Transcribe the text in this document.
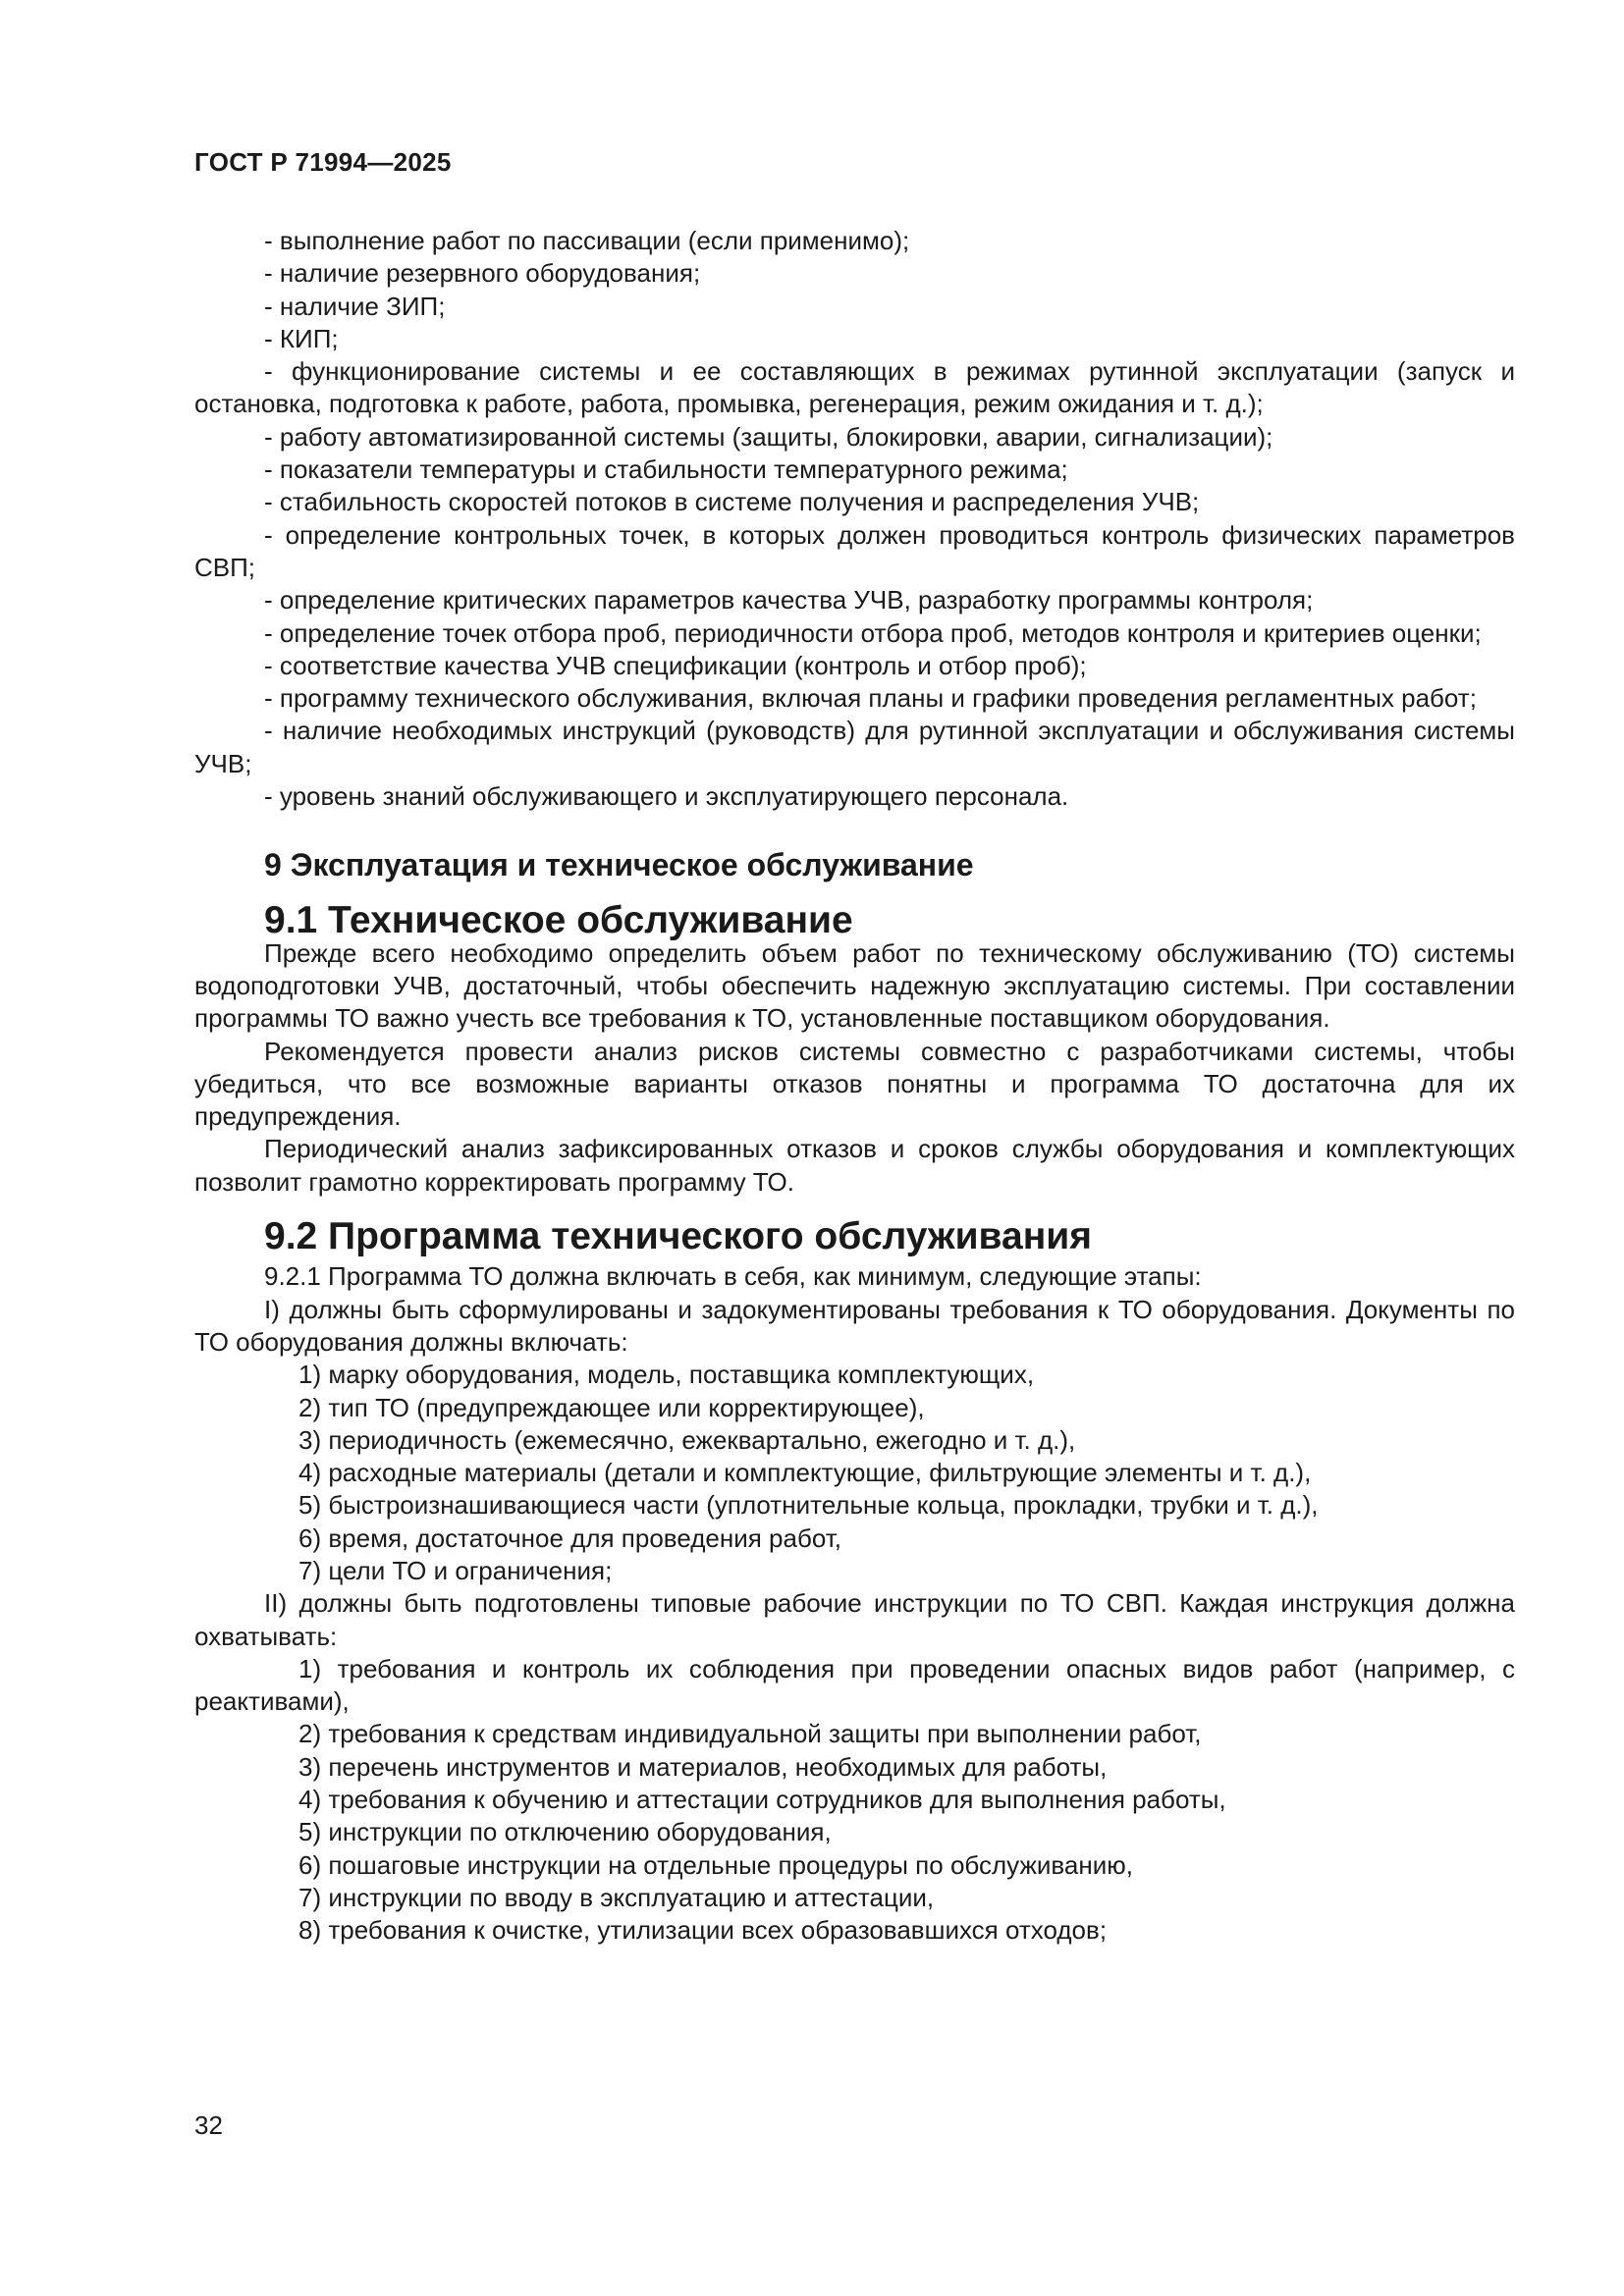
ГОСТ Р 71994—2025

- выполнение работ по пассивации (если применимо);

- наличие резервного оборудования;

- наличие ЗИП;

- КИП;

- функционирование системы и ее составляющих в режимах рутинной эксплуатации (запуск и остановка, подготовка к работе, работа, промывка, регенерация, режим ожидания и т. д.);

- работу автоматизированной системы (защиты, блокировки, аварии, сигнализации);

- показатели температуры и стабильности температурного режима;

- стабильность скоростей потоков в системе получения и распределения УЧВ;

- определение контрольных точек, в которых должен проводиться контроль физических параметров СВП;

- определение критических параметров качества УЧВ, разработку программы контроля;

- определение точек отбора проб, периодичности отбора проб, методов контроля и критериев оценки;

- соответствие качества УЧВ спецификации (контроль и отбор проб);

- программу технического обслуживания, включая планы и графики проведения регламентных работ;

- наличие необходимых инструкций (руководств) для рутинной эксплуатации и обслуживания системы УЧВ;

- уровень знаний обслуживающего и эксплуатирующего персонала.

9 Эксплуатация и техническое обслуживание
9.1 Техническое обслуживание

Прежде всего необходимо определить объем работ по техническому обслуживанию (ТО) системы водоподготовки УЧВ, достаточный, чтобы обеспечить надежную эксплуатацию системы. При составлении программы ТО важно учесть все требования к ТО, установленные поставщиком оборудования.

Рекомендуется провести анализ рисков системы совместно с разработчиками системы, чтобы убедиться, что все возможные варианты отказов понятны и программа ТО достаточна для их предупреждения.

Периодический анализ зафиксированных отказов и сроков службы оборудования и комплектующих позволит грамотно корректировать программу ТО.

9.2 Программа технического обслуживания

9.2.1 Программа ТО должна включать в себя, как минимум, следующие этапы:

I) должны быть сформулированы и задокументированы требования к ТО оборудования. Документы по ТО оборудования должны включать:

1) марку оборудования, модель, поставщика комплектующих,

2) тип ТО (предупреждающее или корректирующее),

3) периодичность (ежемесячно, ежеквартально, ежегодно и т. д.),

4) расходные материалы (детали и комплектующие, фильтрующие элементы и т. д.),

5) быстроизнашивающиеся части (уплотнительные кольца, прокладки, трубки и т. д.),

6) время, достаточное для проведения работ,

7) цели ТО и ограничения;

II) должны быть подготовлены типовые рабочие инструкции по ТО СВП. Каждая инструкция должна охватывать:

1) требования и контроль их соблюдения при проведении опасных видов работ (например, с реактивами),

2) требования к средствам индивидуальной защиты при выполнении работ,

3) перечень инструментов и материалов, необходимых для работы,

4) требования к обучению и аттестации сотрудников для выполнения работы,

5) инструкции по отключению оборудования,

6) пошаговые инструкции на отдельные процедуры по обслуживанию,

7) инструкции по вводу в эксплуатацию и аттестации,

8) требования к очистке, утилизации всех образовавшихся отходов;

32
